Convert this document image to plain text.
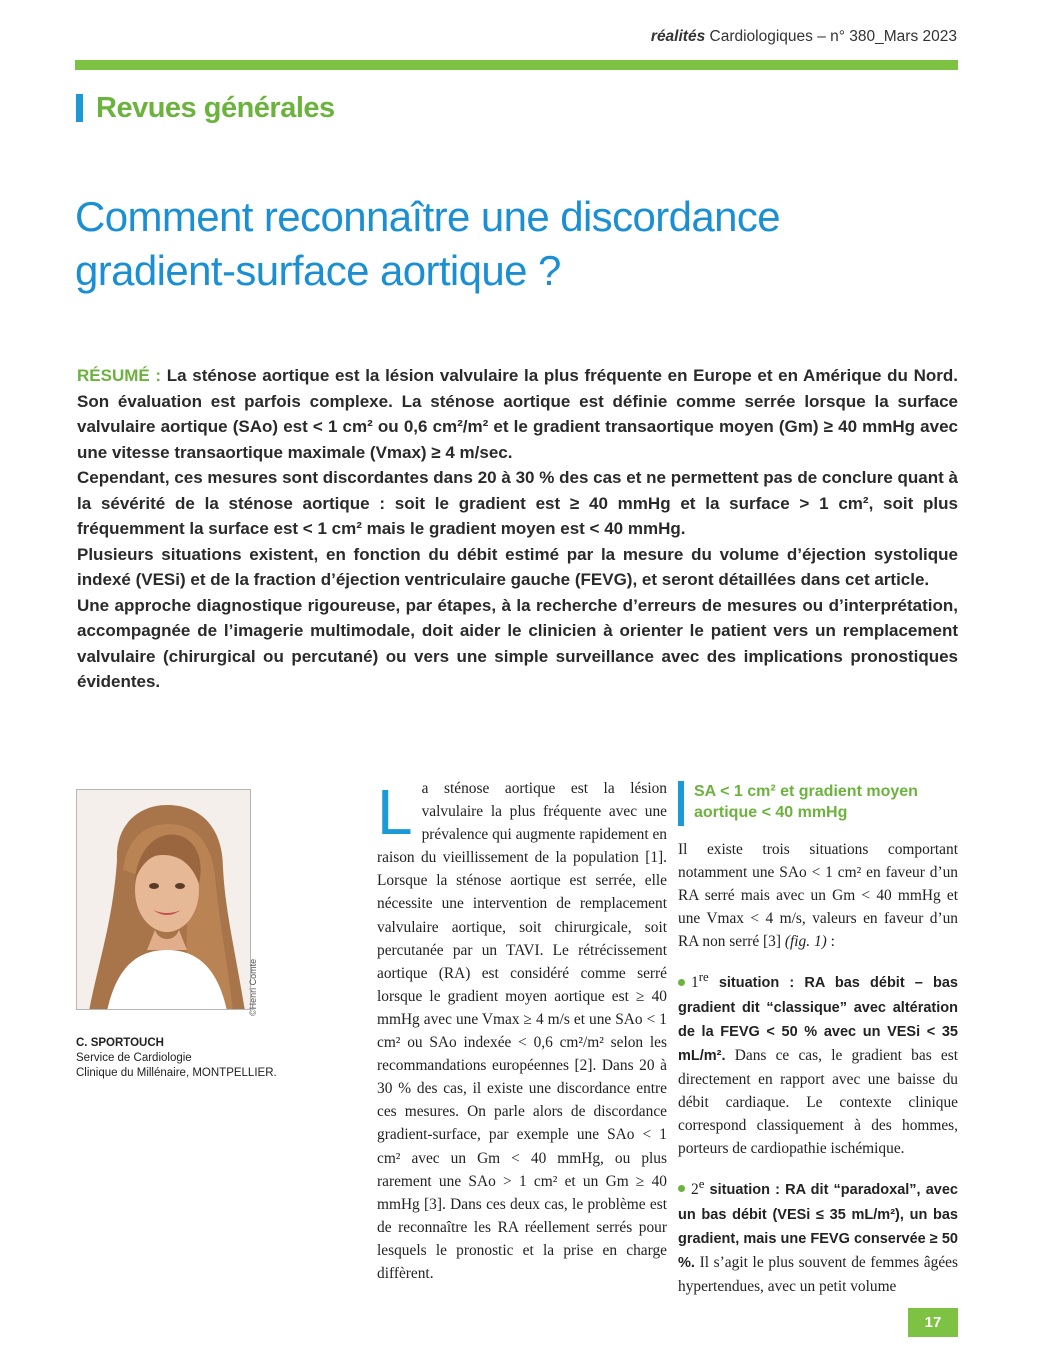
réalités Cardiologiques – n° 380_Mars 2023
Revues générales
Comment reconnaître une discordance
gradient-surface aortique ?

RÉSUMÉ : La sténose aortique est la lésion valvulaire la plus fréquente en Europe et en Amérique du Nord. Son évaluation est parfois complexe. La sténose aortique est définie comme serrée lorsque la surface valvulaire aortique (SAo) est < 1 cm² ou 0,6 cm²/m² et le gradient transaortique moyen (Gm) ≥ 40 mmHg avec une vitesse transaortique maximale (Vmax) ≥ 4 m/sec.

Cependant, ces mesures sont discordantes dans 20 à 30 % des cas et ne permettent pas de conclure quant à la sévérité de la sténose aortique : soit le gradient est ≥ 40 mmHg et la surface > 1 cm², soit plus fréquemment la surface est < 1 cm² mais le gradient moyen est < 40 mmHg.

Plusieurs situations existent, en fonction du débit estimé par la mesure du volume d’éjection systolique indexé (VESi) et de la fraction d’éjection ventriculaire gauche (FEVG), et seront détaillées dans cet article.

Une approche diagnostique rigoureuse, par étapes, à la recherche d’erreurs de mesures ou d’interprétation, accompagnée de l’imagerie multimodale, doit aider le clinicien à orienter le patient vers un remplacement valvulaire (chirurgical ou percutané) ou vers une simple surveillance avec des implications pronostiques évidentes.

©Henri Comte
C. SPORTOUCH
Service de Cardiologie
Clinique du Millénaire, MONTPELLIER.

La sténose aortique est la lésion valvulaire la plus fréquente avec une prévalence qui augmente rapidement en raison du vieillissement de la population [1]. Lorsque la sténose aortique est serrée, elle nécessite une intervention de remplacement valvulaire aortique, soit chirurgicale, soit percutanée par un TAVI. Le rétrécissement aortique (RA) est considéré comme serré lorsque le gradient moyen aortique est ≥ 40 mmHg avec une Vmax ≥ 4 m/s et une SAo < 1 cm² ou SAo indexée < 0,6 cm²/m² selon les recommandations européennes [2]. Dans 20 à 30 % des cas, il existe une discordance entre ces mesures. On parle alors de discordance gradient-surface, par exemple une SAo < 1 cm² avec un Gm < 40 mmHg, ou plus rarement une SAo > 1 cm² et un Gm ≥ 40 mmHg [3]. Dans ces deux cas, le problème est de reconnaître les RA réellement serrés pour lesquels le pronostic et la prise en charge diffèrent.

SA < 1 cm² et gradient moyen aortique < 40 mmHg

Il existe trois situations comportant notamment une SAo < 1 cm² en faveur d’un RA serré mais avec un Gm < 40 mmHg et une Vmax < 4 m/s, valeurs en faveur d’un RA non serré [3] (fig. 1) :

1re situation : RA bas débit – bas gradient dit “classique” avec altération de la FEVG < 50 % avec un VESi < 35 mL/m². Dans ce cas, le gradient bas est directement en rapport avec une baisse du débit cardiaque. Le contexte clinique correspond classiquement à des hommes, porteurs de cardiopathie ischémique.

2e situation : RA dit “paradoxal”, avec un bas débit (VESi ≤ 35 mL/m²), un bas gradient, mais une FEVG conservée ≥ 50 %. Il s’agit le plus souvent de femmes âgées hypertendues, avec un petit volume

17
